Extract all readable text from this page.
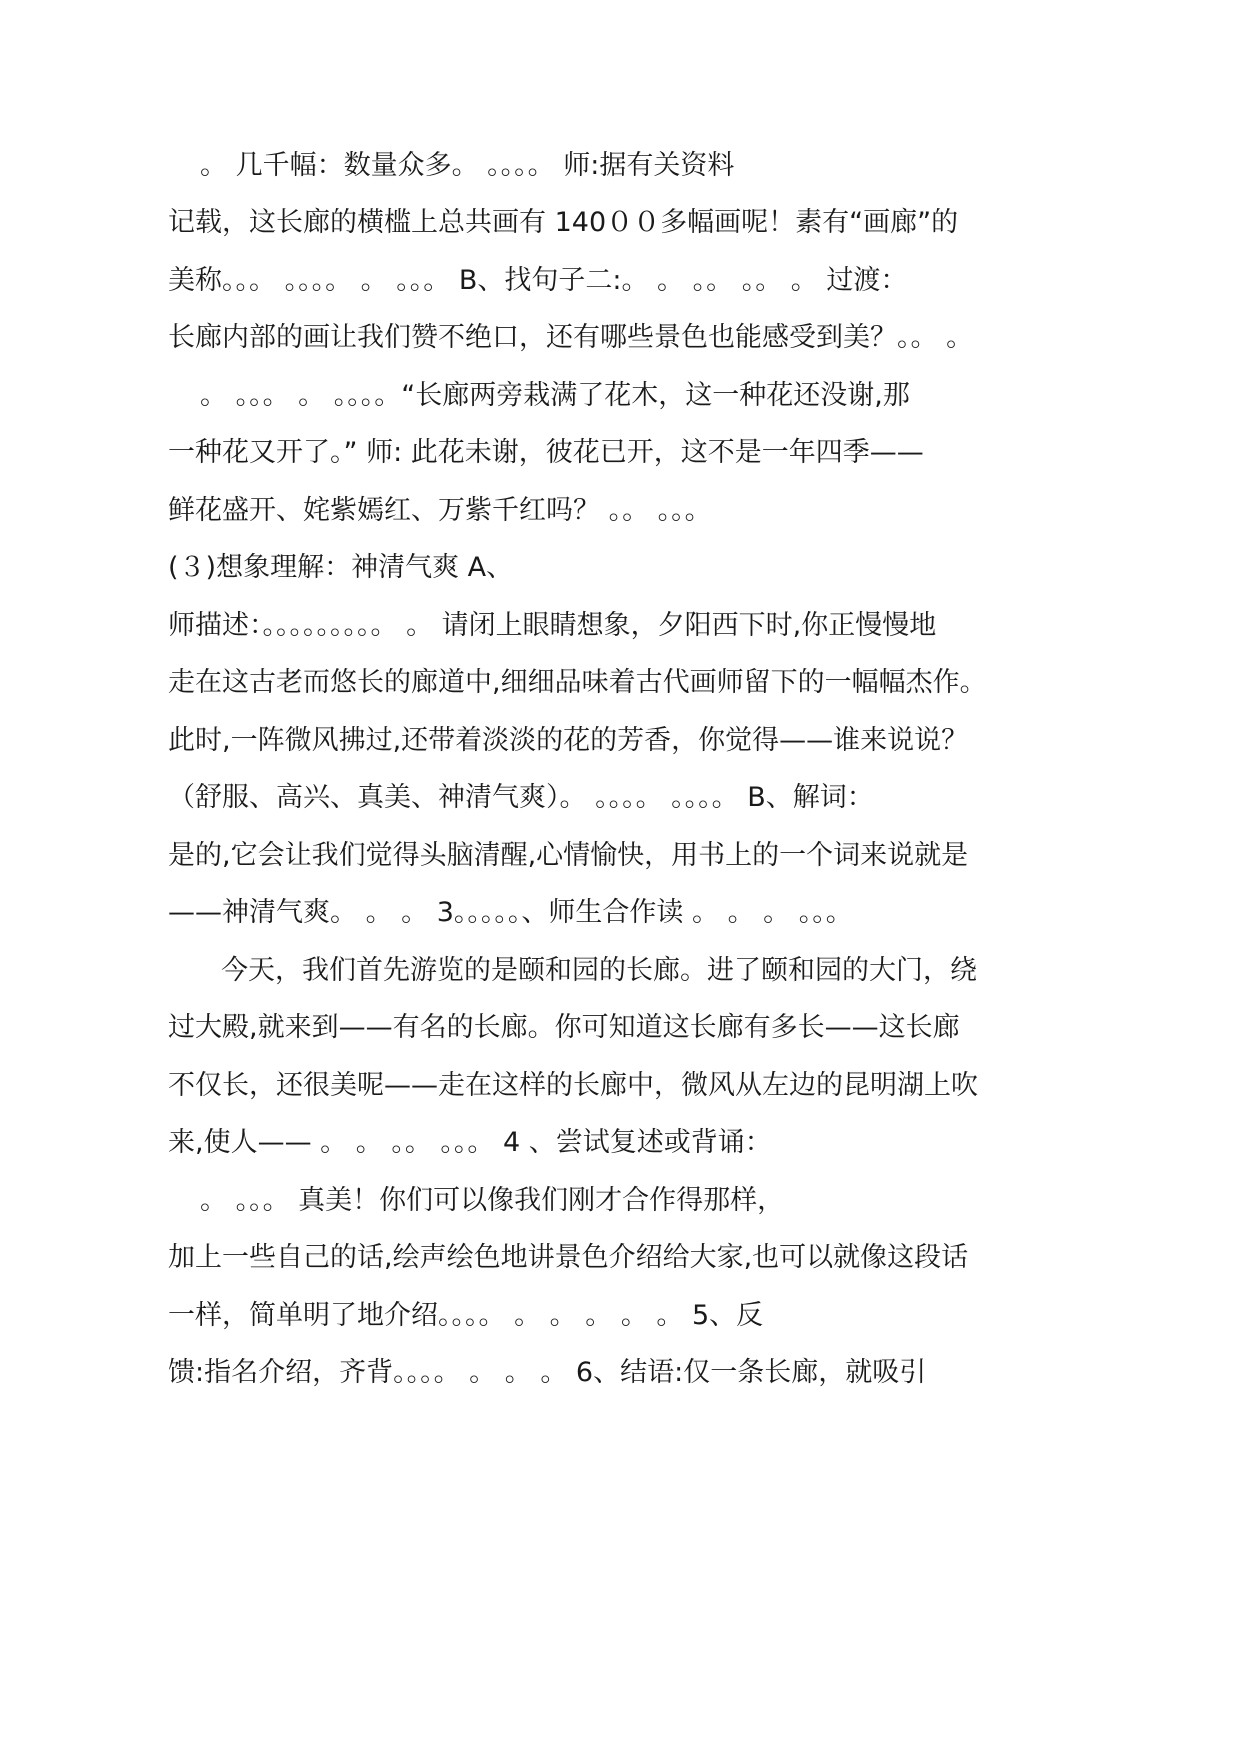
。 几千幅：数量众多。 。。。。 师:据有关资料
记载，这长廊的横槛上总共画有 140００多幅画呢！素有“画廊”的
美称。。。 。。。。 。 。。。 B、找句子二:。 。 。。 。。 。 过渡：
长廊内部的画让我们赞不绝口，还有哪些景色也能感受到美？。。 。
。 。。。 。 。。。。“长廊两旁栽满了花木，这一种花还没谢,那
一种花又开了。” 师: 此花未谢，彼花已开，这不是一年四季——
鲜花盛开、姹紫嫣红、万紫千红吗？ 。。 。。。
(３)想象理解：神清气爽 A、
师描述：。。。。。。。。。 。 请闭上眼睛想象，夕阳西下时,你正慢慢地
走在这古老而悠长的廊道中,细细品味着古代画师留下的一幅幅杰作。
此时,一阵微风拂过,还带着淡淡的花的芳香，你觉得——谁来说说？
（舒服、高兴、真美、神清气爽）。 。。。。 。。。。 B、解词：
是的,它会让我们觉得头脑清醒,心情愉快，用书上的一个词来说就是
——神清气爽。 。 。 3。。。。。、师生合作读 。 。 。 。。。
今天，我们首先游览的是颐和园的长廊。进了颐和园的大门，绕
过大殿,就来到——有名的长廊。你可知道这长廊有多长——这长廊
不仅长，还很美呢——走在这样的长廊中，微风从左边的昆明湖上吹
来,使人—— 。 。 。。 。。。 4 、尝试复述或背诵：
。 。。。 真美！你们可以像我们刚才合作得那样，
加上一些自己的话,绘声绘色地讲景色介绍给大家,也可以就像这段话
一样，简单明了地介绍。。。。 。 。 。 。 。 5、反
馈:指名介绍，齐背。。。。 。 。 。 6、结语:仅一条长廊，就吸引
